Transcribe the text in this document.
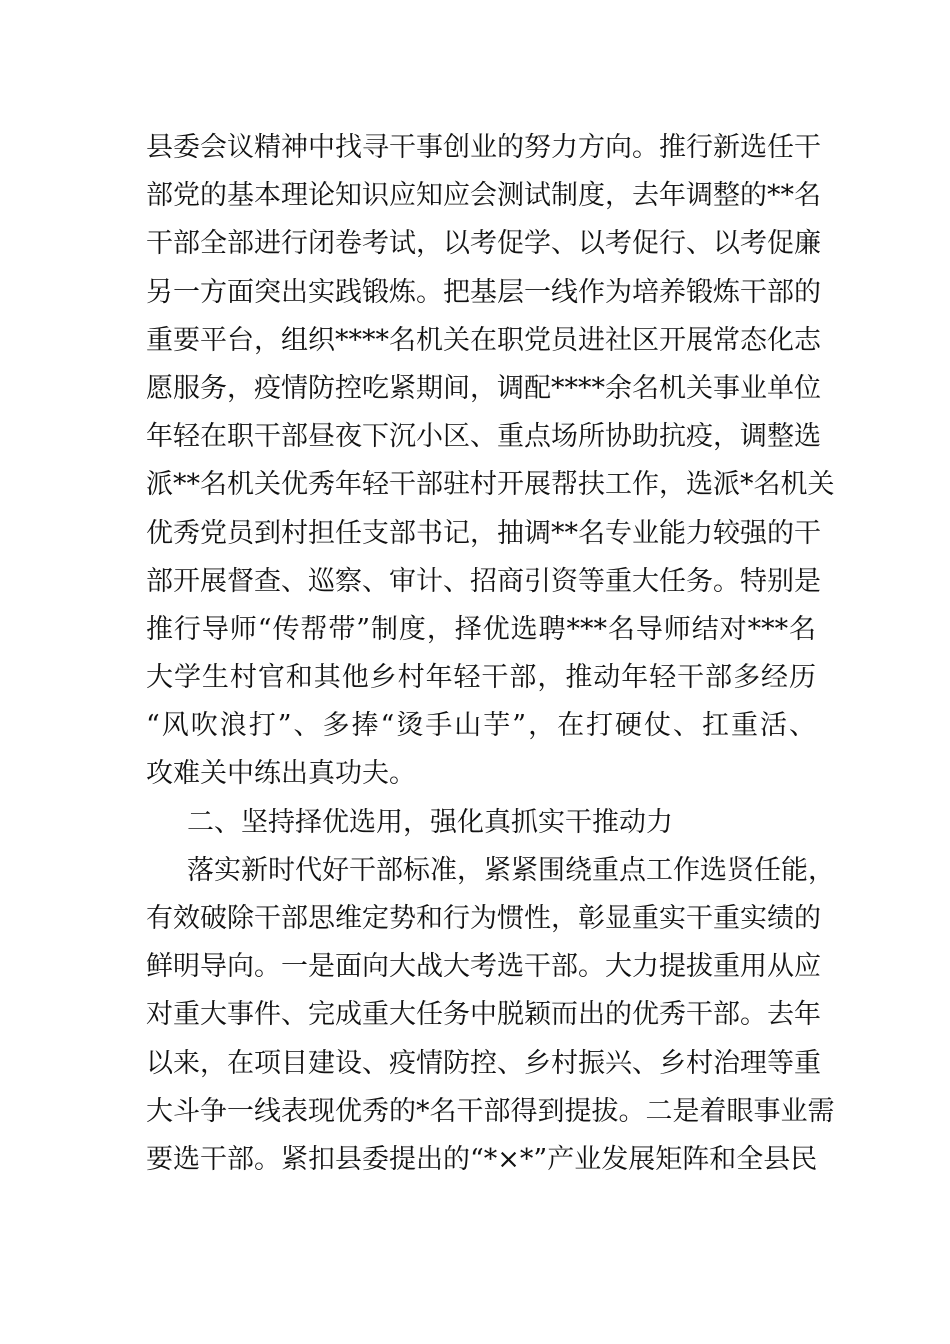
县委会议精神中找寻干事创业的努力方向。推行新选任干
部党的基本理论知识应知应会测试制度，去年调整的**名
干部全部进行闭卷考试，以考促学、以考促行、以考促廉
另一方面突出实践锻炼。把基层一线作为培养锻炼干部的
重要平台，组织****名机关在职党员进社区开展常态化志
愿服务，疫情防控吃紧期间，调配****余名机关事业单位
年轻在职干部昼夜下沉小区、重点场所协助抗疫，调整选
派**名机关优秀年轻干部驻村开展帮扶工作，选派*名机关
优秀党员到村担任支部书记，抽调**名专业能力较强的干
部开展督查、巡察、审计、招商引资等重大任务。特别是
推行导师“传帮带”制度，择优选聘***名导师结对***名
大学生村官和其他乡村年轻干部，推动年轻干部多经历
“风吹浪打”、多捧“烫手山芋”，在打硬仗、扛重活、
攻难关中练出真功夫。
二、坚持择优选用，强化真抓实干推动力
落实新时代好干部标准，紧紧围绕重点工作选贤任能，
有效破除干部思维定势和行为惯性，彰显重实干重实绩的
鲜明导向。一是面向大战大考选干部。大力提拔重用从应
对重大事件、完成重大任务中脱颖而出的优秀干部。去年
以来，在项目建设、疫情防控、乡村振兴、乡村治理等重
大斗争一线表现优秀的*名干部得到提拔。二是着眼事业需
要选干部。紧扣县委提出的“*×*”产业发展矩阵和全县民
